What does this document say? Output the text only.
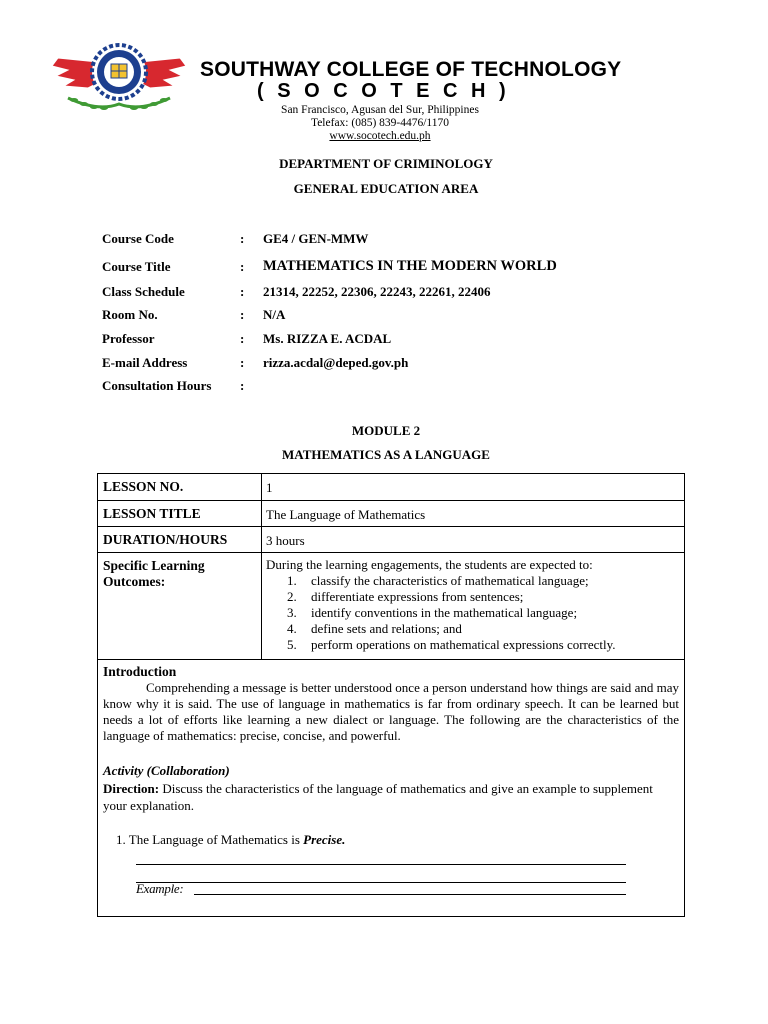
SOUTHWAY COLLEGE OF TECHNOLOGY
( S O C O T E C H )
San Francisco, Agusan del Sur, Philippines
Telefax: (085) 839-4476/1170
www.socotech.edu.ph
DEPARTMENT OF CRIMINOLOGY
GENERAL EDUCATION AREA
Course Code	: GE4 / GEN-MMW
Course Title	: MATHEMATICS IN THE MODERN WORLD
Class Schedule	: 21314, 22252, 22306, 22243, 22261, 22406
Room No.	: N/A
Professor	: Ms. RIZZA E. ACDAL
E-mail Address	: rizza.acdal@deped.gov.ph
Consultation Hours :
MODULE 2
MATHEMATICS AS A LANGUAGE
LESSON NO.	1
LESSON TITLE	The Language of Mathematics
DURATION/HOURS	3 hours
Specific Learning Outcomes:
During the learning engagements, the students are expected to:
1. classify the characteristics of mathematical language;
2. differentiate expressions from sentences;
3. identify conventions in the mathematical language;
4. define sets and relations; and
5. perform operations on mathematical expressions correctly.
Introduction
Comprehending a message is better understood once a person understand how things are said and may know why it is said. The use of language in mathematics is far from ordinary speech. It can be learned but needs a lot of efforts like learning a new dialect or language. The following are the characteristics of the language of mathematics: precise, concise, and powerful.
Activity (Collaboration)
Direction: Discuss the characteristics of the language of mathematics and give an example to supplement your explanation.
1. The Language of Mathematics is Precise.
Example:
